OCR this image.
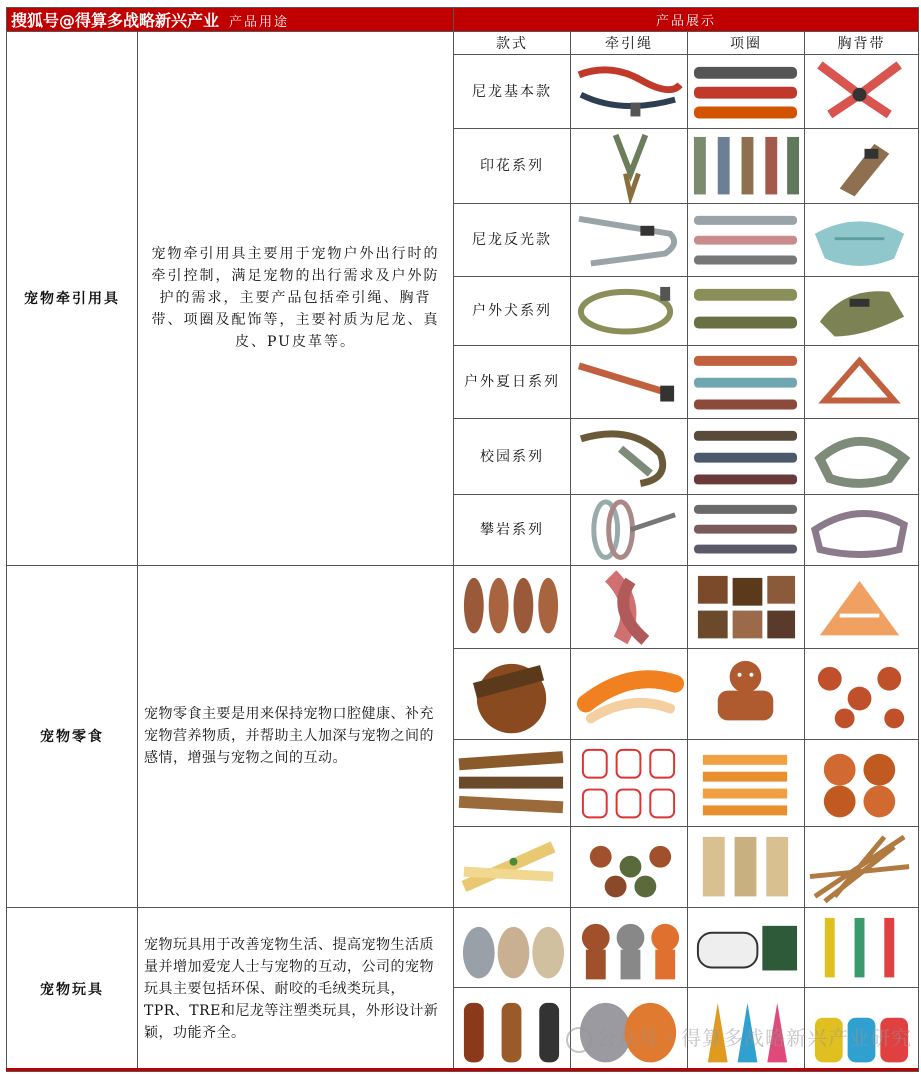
搜狐号@得算多战略新兴产业 产品用途		产品展示			
宠物牵引用具	宠物牵引用具主要用于宠物户外出行时的牵引控制，满足宠物的出行需求及户外防护的需求，主要产品包括牵引绳、胸背带、项圈及配饰等，主要衬质为尼龙、真皮、PU皮革等。	款式	牵引绳	项圈	胸背带
		尼龙基本款	

		印花系列	

		尼龙反光款	

		户外犬系列	

		户外夏日系列	

		校园系列	

		攀岩系列	

宠物零食	宠物零食主要是用来保持宠物口腔健康、补充宠物营养物质，并帮助主人加深与宠物之间的感情，增强与宠物之间的互动。	

宠物玩具	宠物玩具用于改善宠物生活、提高宠物生活质量并增加爱宠人士与宠物的互动，公司的宠物玩具主要包括环保、耐咬的毛绒类玩具，TPR、TRE和尼龙等注塑类玩具，外形设计新颖，功能齐全。	

		公众号 · 得算多战略新兴产业研究
